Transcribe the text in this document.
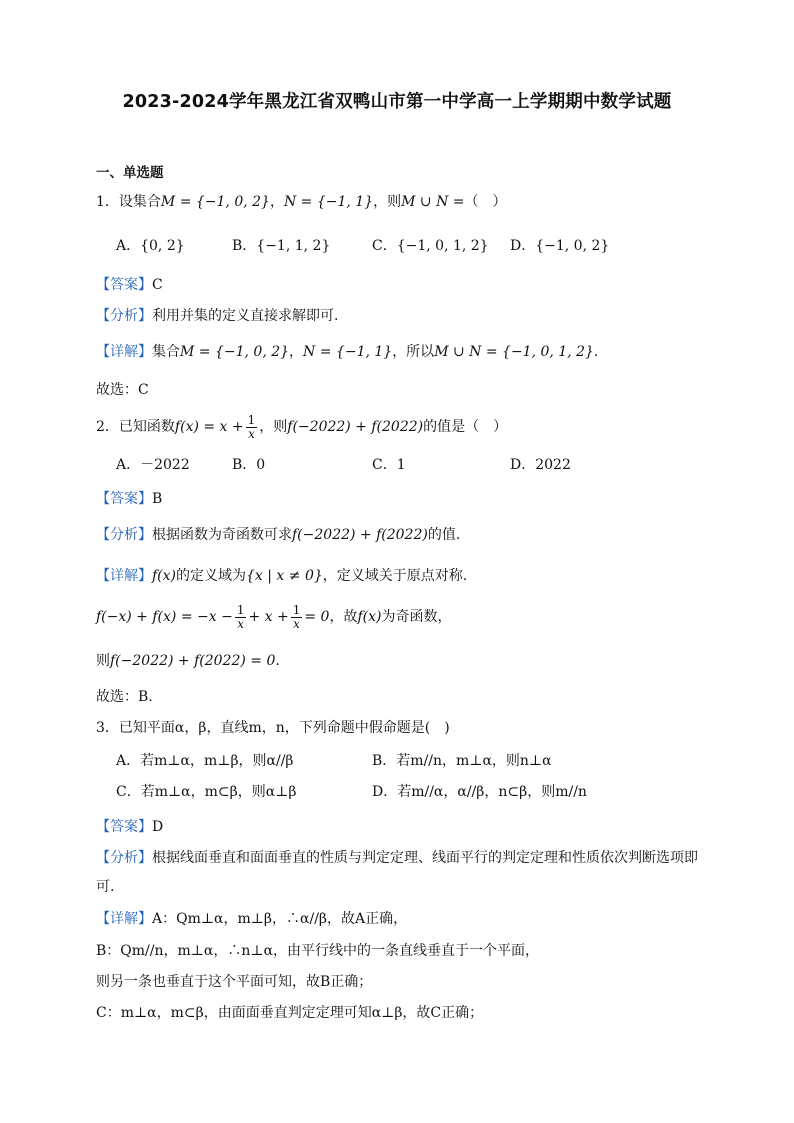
2023-2024学年黑龙江省双鸭山市第一中学高一上学期期中数学试题
一、单选题
1．设集合M = {−1, 0, 2}，N = {−1, 1}，则M ∪ N =（　）
A．{0, 2}	B．{−1, 1, 2}	C．{−1, 0, 1, 2} D．{−1, 0, 2}
【答案】C
【分析】利用并集的定义直接求解即可.
【详解】集合M = {−1, 0, 2}，N = {−1, 1}，所以M ∪ N = {−1, 0, 1, 2}.
故选：C
2．已知函数$f(x) = x + \frac{1}{x}$ ，则f(−2022) + f(2022)的值是（　）
A．－2022	B．0	C．1	D．2022
【答案】B
【分析】根据函数为奇函数可求f(−2022) + f(2022)的值.
【详解】f(x)的定义域为{x | x ≠ 0}，定义域关于原点对称.
$f(-x) + f(x) = -x - \frac{1}{x} + x + \frac{1}{x} = 0$，故f(x)为奇函数，
则f(−2022) + f(2022) = 0.
故选：B.
3．已知平面α，β，直线m，n，下列命题中假命题是(　)
A．若m⊥α，m⊥β，则α//β	B．若m//n，m⊥α，则n⊥α
C．若m⊥α，m⊂β，则α⊥β	D．若m//α，α//β，n⊂β，则m//n
【答案】D
【分析】根据线面垂直和面面垂直的性质与判定定理、线面平行的判定定理和性质依次判断选项即
可.
【详解】A：Qm⊥α，m⊥β，∴α//β，故A正确，
B：Qm//n，m⊥α，∴n⊥α，由平行线中的一条直线垂直于一个平面，
则另一条也垂直于这个平面可知，故B正确；
C：m⊥α，m⊂β，由面面垂直判定定理可知α⊥β，故C正确；
